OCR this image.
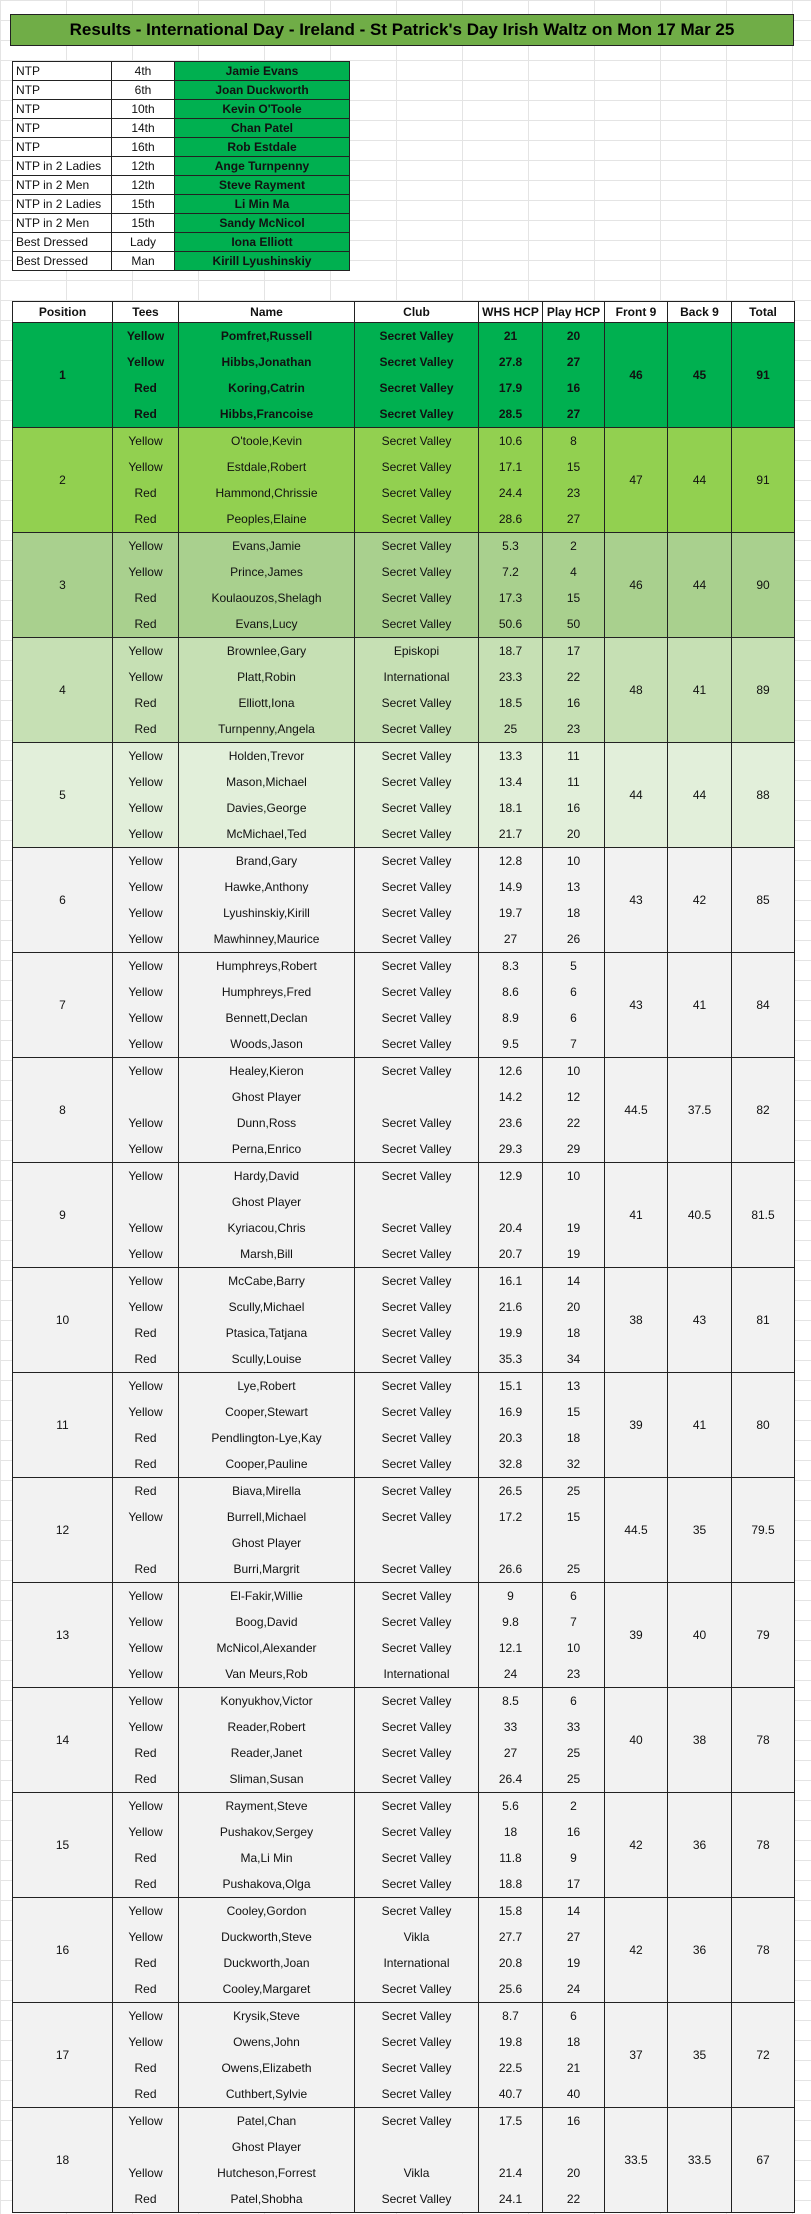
Results - International Day - Ireland - St Patrick's Day Irish Waltz on Mon 17 Mar 25
NTP	4th	Jamie Evans
NTP	6th	Joan Duckworth
NTP	10th	Kevin O'Toole
NTP	14th	Chan Patel
NTP	16th	Rob Estdale
NTP in 2 Ladies	12th	Ange Turnpenny
NTP in 2 Men	12th	Steve Rayment
NTP in 2 Ladies	15th	Li Min Ma
NTP in 2 Men	15th	Sandy McNicol
Best Dressed	Lady	Iona Elliott
Best Dressed	Man	Kirill Lyushinskiy
Position	Tees	Name	Club	WHS HCP	Play HCP	Front 9	Back 9	Total
1	Yellow	Pomfret,Russell	Secret Valley	21	20	46	45	91
	Yellow	Hibbs,Jonathan	Secret Valley	27.8	27			
	Red	Koring,Catrin	Secret Valley	17.9	16			
	Red	Hibbs,Francoise	Secret Valley	28.5	27			
2	Yellow	O'toole,Kevin	Secret Valley	10.6	8	47	44	91
	Yellow	Estdale,Robert	Secret Valley	17.1	15			
	Red	Hammond,Chrissie	Secret Valley	24.4	23			
	Red	Peoples,Elaine	Secret Valley	28.6	27			
3	Yellow	Evans,Jamie	Secret Valley	5.3	2	46	44	90
	Yellow	Prince,James	Secret Valley	7.2	4			
	Red	Koulaouzos,Shelagh	Secret Valley	17.3	15			
	Red	Evans,Lucy	Secret Valley	50.6	50			
4	Yellow	Brownlee,Gary	Episkopi	18.7	17	48	41	89
	Yellow	Platt,Robin	International	23.3	22			
	Red	Elliott,Iona	Secret Valley	18.5	16			
	Red	Turnpenny,Angela	Secret Valley	25	23			
5	Yellow	Holden,Trevor	Secret Valley	13.3	11	44	44	88
	Yellow	Mason,Michael	Secret Valley	13.4	11			
	Yellow	Davies,George	Secret Valley	18.1	16			
	Yellow	McMichael,Ted	Secret Valley	21.7	20			
6	Yellow	Brand,Gary	Secret Valley	12.8	10	43	42	85
	Yellow	Hawke,Anthony	Secret Valley	14.9	13			
	Yellow	Lyushinskiy,Kirill	Secret Valley	19.7	18			
	Yellow	Mawhinney,Maurice	Secret Valley	27	26			
7	Yellow	Humphreys,Robert	Secret Valley	8.3	5	43	41	84
	Yellow	Humphreys,Fred	Secret Valley	8.6	6			
	Yellow	Bennett,Declan	Secret Valley	8.9	6			
	Yellow	Woods,Jason	Secret Valley	9.5	7			
8	Yellow	Healey,Kieron	Secret Valley	12.6	10	44.5	37.5	82
		Ghost Player		14.2	12			
	Yellow	Dunn,Ross	Secret Valley	23.6	22			
	Yellow	Perna,Enrico	Secret Valley	29.3	29			
9	Yellow	Hardy,David	Secret Valley	12.9	10	41	40.5	81.5
		Ghost Player						
	Yellow	Kyriacou,Chris	Secret Valley	20.4	19			
	Yellow	Marsh,Bill	Secret Valley	20.7	19			
10	Yellow	McCabe,Barry	Secret Valley	16.1	14	38	43	81
	Yellow	Scully,Michael	Secret Valley	21.6	20			
	Red	Ptasica,Tatjana	Secret Valley	19.9	18			
	Red	Scully,Louise	Secret Valley	35.3	34			
11	Yellow	Lye,Robert	Secret Valley	15.1	13	39	41	80
	Yellow	Cooper,Stewart	Secret Valley	16.9	15			
	Red	Pendlington-Lye,Kay	Secret Valley	20.3	18			
	Red	Cooper,Pauline	Secret Valley	32.8	32			
12	Red	Biava,Mirella	Secret Valley	26.5	25	44.5	35	79.5
	Yellow	Burrell,Michael	Secret Valley	17.2	15			
		Ghost Player						
	Red	Burri,Margrit	Secret Valley	26.6	25			
13	Yellow	El-Fakir,Willie	Secret Valley	9	6	39	40	79
	Yellow	Boog,David	Secret Valley	9.8	7			
	Yellow	McNicol,Alexander	Secret Valley	12.1	10			
	Yellow	Van Meurs,Rob	International	24	23			
14	Yellow	Konyukhov,Victor	Secret Valley	8.5	6	40	38	78
	Yellow	Reader,Robert	Secret Valley	33	33			
	Red	Reader,Janet	Secret Valley	27	25			
	Red	Sliman,Susan	Secret Valley	26.4	25			
15	Yellow	Rayment,Steve	Secret Valley	5.6	2	42	36	78
	Yellow	Pushakov,Sergey	Secret Valley	18	16			
	Red	Ma,Li Min	Secret Valley	11.8	9			
	Red	Pushakova,Olga	Secret Valley	18.8	17			
16	Yellow	Cooley,Gordon	Secret Valley	15.8	14	42	36	78
	Yellow	Duckworth,Steve	Vikla	27.7	27			
	Red	Duckworth,Joan	International	20.8	19			
	Red	Cooley,Margaret	Secret Valley	25.6	24			
17	Yellow	Krysik,Steve	Secret Valley	8.7	6	37	35	72
	Yellow	Owens,John	Secret Valley	19.8	18			
	Red	Owens,Elizabeth	Secret Valley	22.5	21			
	Red	Cuthbert,Sylvie	Secret Valley	40.7	40			
18	Yellow	Patel,Chan	Secret Valley	17.5	16	33.5	33.5	67
		Ghost Player						
	Yellow	Hutcheson,Forrest	Vikla	21.4	20			
	Red	Patel,Shobha	Secret Valley	24.1	22			
